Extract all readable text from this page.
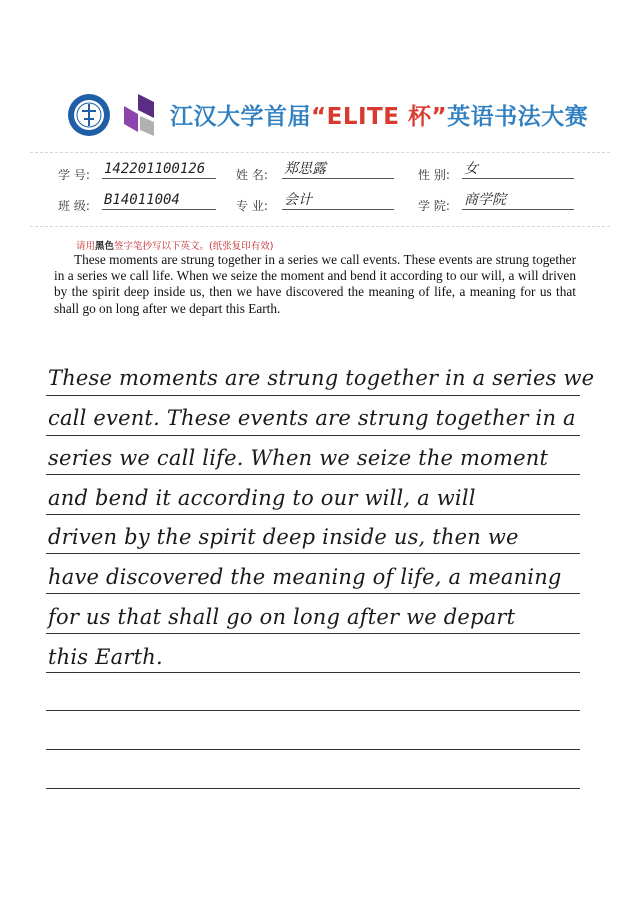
江汉大学首届“ELITE 杯”英语书法大赛
学 号: 142201100126	姓 名: 郑思露	性 别: 女
班 级: B14011004	专 业: 会计	学 院: 商学院
请用黑色签字笔抄写以下英文。(纸张复印有效)
These moments are strung together in a series we call events. These events are strung together in a series we call life. When we seize the moment and bend it according to our will, a will driven by the spirit deep inside us, then we have discovered the meaning of life, a meaning for us that shall go on long after we depart this Earth.
These moments are strung together in a series we
call event. These events are strung together in a
series we call life. When we seize the moment
and bend it according to our will, a will
driven by the spirit deep inside us, then we
have discovered the meaning of life, a meaning
for us that shall go on long after we depart
this Earth.
